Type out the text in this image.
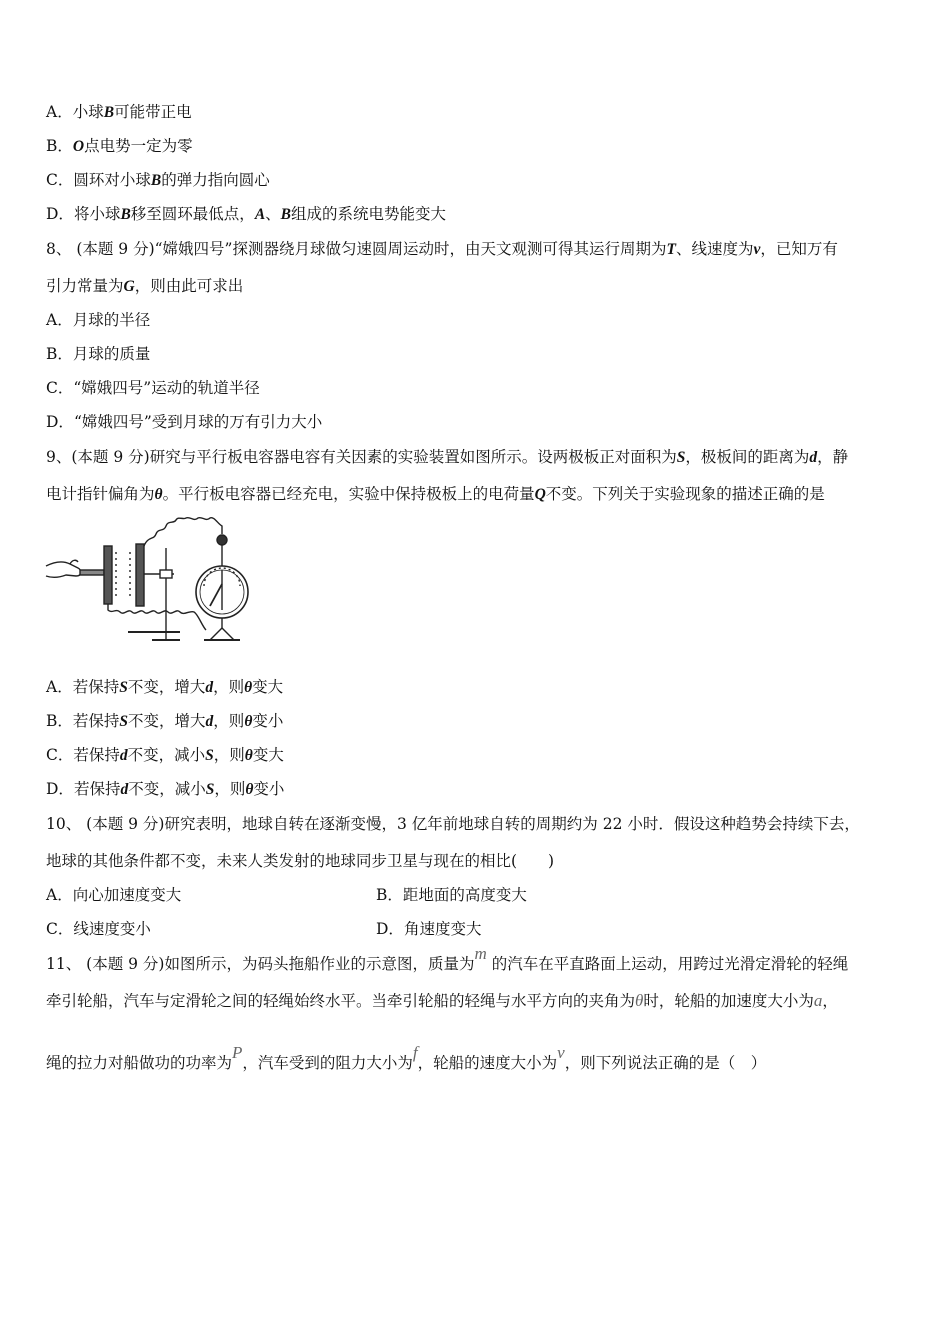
A．小球B可能带正电
B．O点电势一定为零
C．圆环对小球B的弹力指向圆心
D．将小球B移至圆环最低点，A、B组成的系统电势能变大
8、 (本题 9 分)“嫦娥四号”探测器绕月球做匀速圆周运动时，由天文观测可得其运行周期为T、线速度为v，已知万有
引力常量为G，则由此可求出
A．月球的半径
B．月球的质量
C．“嫦娥四号”运动的轨道半径
D．“嫦娥四号”受到月球的万有引力大小
9、(本题 9 分)研究与平行板电容器电容有关因素的实验装置如图所示。设两极板正对面积为S，极板间的距离为d，静
电计指针偏角为θ。平行板电容器已经充电，实验中保持极板上的电荷量Q不变。下列关于实验现象的描述正确的是
A．若保持S不变，增大d，则θ变大
B．若保持S不变，增大d，则θ变小
C．若保持d不变，减小S，则θ变大
D．若保持d不变，减小S，则θ变小
10、 (本题 9 分)研究表明，地球自转在逐渐变慢，3 亿年前地球自转的周期约为 22 小时．假设这种趋势会持续下去，
地球的其他条件都不变，未来人类发射的地球同步卫星与现在的相比(　　)
A．向心加速度变大	B．距地面的高度变大
C．线速度变小	D．角速度变大
11、 (本题 9 分)如图所示，为码头拖船作业的示意图，质量为m 的汽车在平直路面上运动，用跨过光滑定滑轮的轻绳
牵引轮船，汽车与定滑轮之间的轻绳始终水平。当牵引轮船的轻绳与水平方向的夹角为θ时，轮船的加速度大小为a，
绳的拉力对船做功的功率为P，汽车受到的阻力大小为f，轮船的速度大小为v，则下列说法正确的是（　）
